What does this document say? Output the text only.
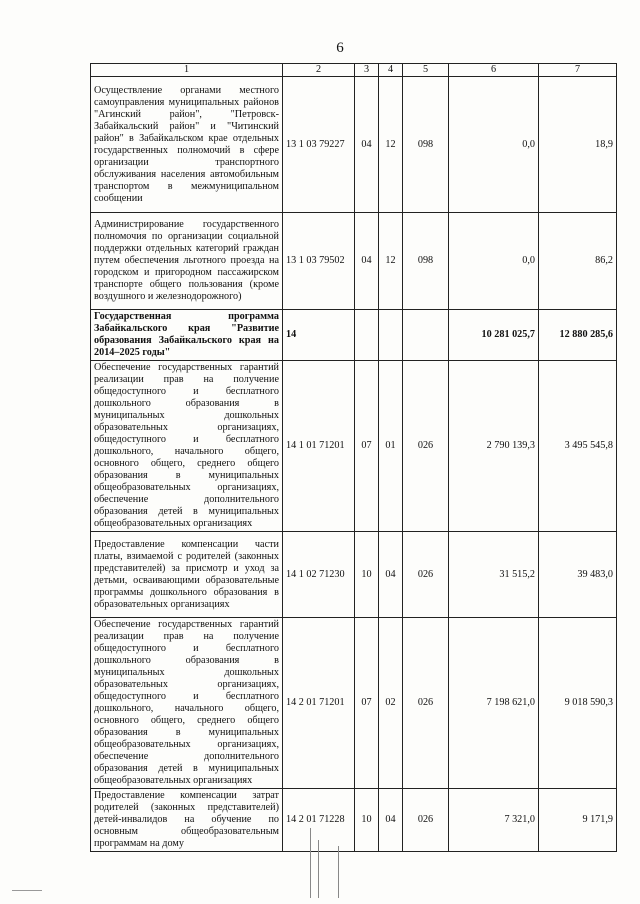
6
1	2	3	4	5	6	7
Осуществление органами местного самоуправления муниципальных районов "Агинский район", "Петровск-Забайкальский район" и "Читинский район" в Забайкальском крае отдельных государственных полномочий в сфере организации транспортного обслуживания населения автомобильным транспортом в межмуниципальном сообщении	13 1 03 79227	04	12	098	0,0	18,9
Администрирование государственного полномочия по организации социальной поддержки отдельных категорий граждан путем обеспечения льготного проезда на городском и пригородном пассажирском транспорте общего пользования (кроме воздушного и железнодорожного)	13 1 03 79502	04	12	098	0,0	86,2
Государственная программа Забайкальского края "Развитие образования Забайкальского края на 2014–2025 годы"	14				10 281 025,7	12 880 285,6
Обеспечение государственных гарантий реализации прав на получение общедоступного и бесплатного дошкольного образования в муниципальных дошкольных образовательных организациях, общедоступного и бесплатного дошкольного, начального общего, основного общего, среднего общего образования в муниципальных общеобразовательных организациях, обеспечение дополнительного образования детей в муниципальных общеобразовательных организациях	14 1 01 71201	07	01	026	2 790 139,3	3 495 545,8
Предоставление компенсации части платы, взимаемой с родителей (законных представителей) за присмотр и уход за детьми, осваивающими образовательные программы дошкольного образования в образовательных организациях	14 1 02 71230	10	04	026	31 515,2	39 483,0
Обеспечение государственных гарантий реализации прав на получение общедоступного и бесплатного дошкольного образования в муниципальных дошкольных образовательных организациях, общедоступного и бесплатного дошкольного, начального общего, основного общего, среднего общего образования в муниципальных общеобразовательных организациях, обеспечение дополнительного образования детей в муниципальных общеобразовательных организациях	14 2 01 71201	07	02	026	7 198 621,0	9 018 590,3
Предоставление компенсации затрат родителей (законных представителей) детей-инвалидов на обучение по основным общеобразовательным программам на дому	14 2 01 71228	10	04	026	7 321,0	9 171,9
